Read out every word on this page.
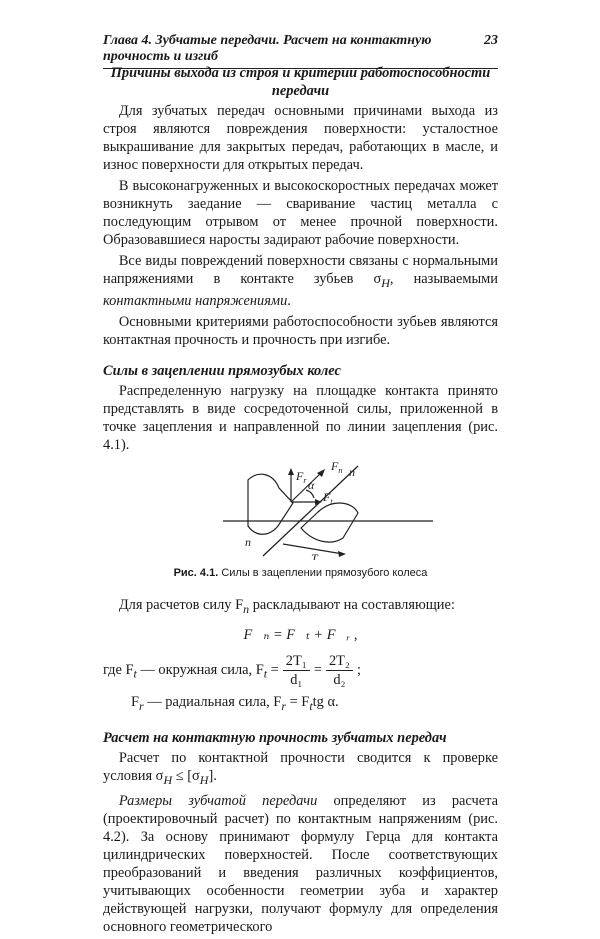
Глава 4. Зубчатые передачи. Расчет на контактную прочность и изгиб
23
Причины выхода из строя и критерии работоспособности передачи
Для зубчатых передач основными причинами выхода из строя являются повреждения поверхности: усталостное выкрашивание для закрытых передач, работающих в масле, и износ поверхности для открытых передач.
В высоконагруженных и высокоскоростных передачах может возникнуть заедание — сваривание частиц металла с последующим отрывом от менее прочной поверхности. Образовавшиеся наросты задирают рабочие поверхности.
Все виды повреждений поверхности связаны с нормальными напряжениями в контакте зубьев $\sigma_H$, называемыми контактными напряжениями.
Основными критериями работоспособности зубьев являются контактная прочность и прочность при изгибе.
Силы в зацеплении прямозубых колес
Распределенную нагрузку на площадке контакта принято представлять в виде сосредоточенной силы, приложенной в точке зацепления и направленной по линии зацепления (рис. 4.1).
$F_n$
$F_r$
$F_t$
α
n
n
T
Рис. 4.1. Силы в зацеплении прямозубого колеса
Для расчетов силу $F_n$ раскладывают на составляющие:
F⃗ₙ = F⃗ₜ + F⃗ᵣ ,
где $F_t$ — окружная сила, $F_t = \frac{\text{2T₁}}{\text{d₁}} = \frac{\text{2T₂}}{\text{d₂}}$ ;
$F_r$ — радиальная сила, $F_r = F_ttg$ α.
Расчет на контактную прочность зубчатых передач
Расчет по контактной прочности сводится к проверке условия $\sigma_H \le [\sigma_H]$.
Размеры зубчатой передачи определяют из расчета (проектировочный расчет) по контактным напряжениям (рис. 4.2). За основу принимают формулу Герца для контакта цилиндрических поверхностей. После соответствующих преобразований и введения различных коэффициентов, учитывающих особенности геометрии зуба и характер действующей нагрузки, получают формулу для определения основного геометрического
